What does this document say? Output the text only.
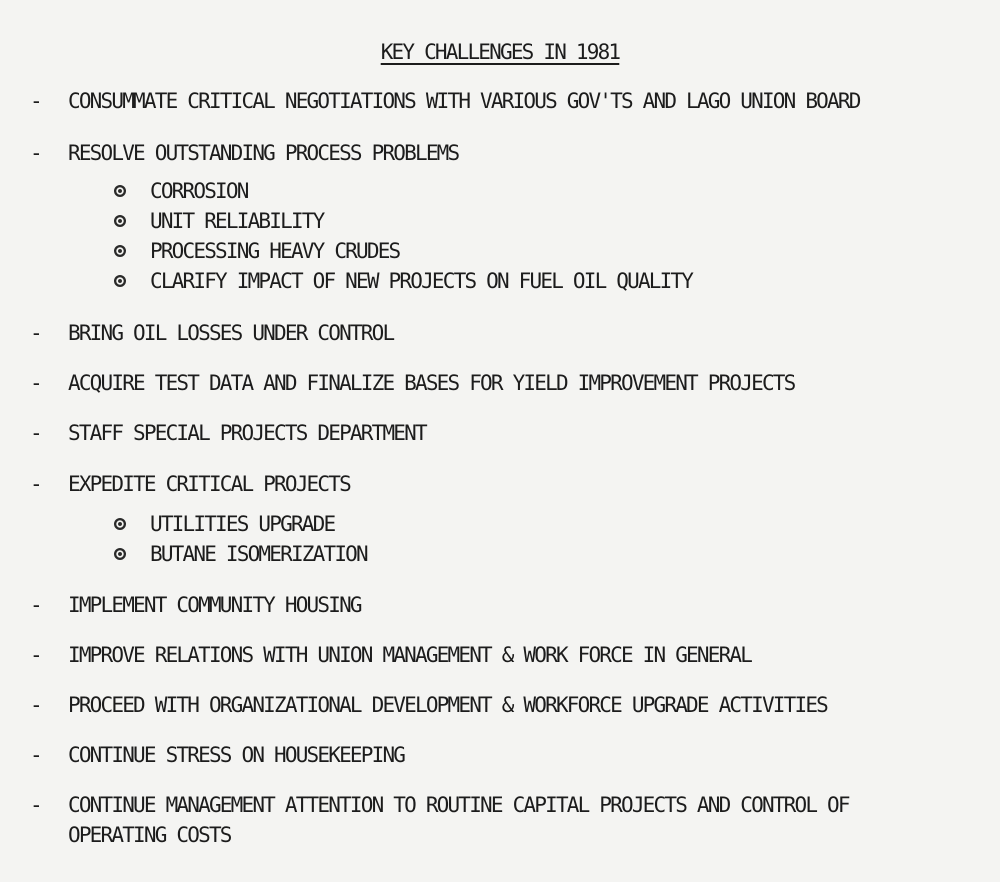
KEY CHALLENGES IN 1981
- CONSUMMATE CRITICAL NEGOTIATIONS WITH VARIOUS GOV'TS AND LAGO UNION BOARD
- RESOLVE OUTSTANDING PROCESS PROBLEMS
CORROSION
UNIT RELIABILITY
PROCESSING HEAVY CRUDES
CLARIFY IMPACT OF NEW PROJECTS ON FUEL OIL QUALITY
- BRING OIL LOSSES UNDER CONTROL
- ACQUIRE TEST DATA AND FINALIZE BASES FOR YIELD IMPROVEMENT PROJECTS
- STAFF SPECIAL PROJECTS DEPARTMENT
- EXPEDITE CRITICAL PROJECTS
UTILITIES UPGRADE
BUTANE ISOMERIZATION
- IMPLEMENT COMMUNITY HOUSING
- IMPROVE RELATIONS WITH UNION MANAGEMENT & WORK FORCE IN GENERAL
- PROCEED WITH ORGANIZATIONAL DEVELOPMENT & WORKFORCE UPGRADE ACTIVITIES
- CONTINUE STRESS ON HOUSEKEEPING
- CONTINUE MANAGEMENT ATTENTION TO ROUTINE CAPITAL PROJECTS AND CONTROL OF
OPERATING COSTS
